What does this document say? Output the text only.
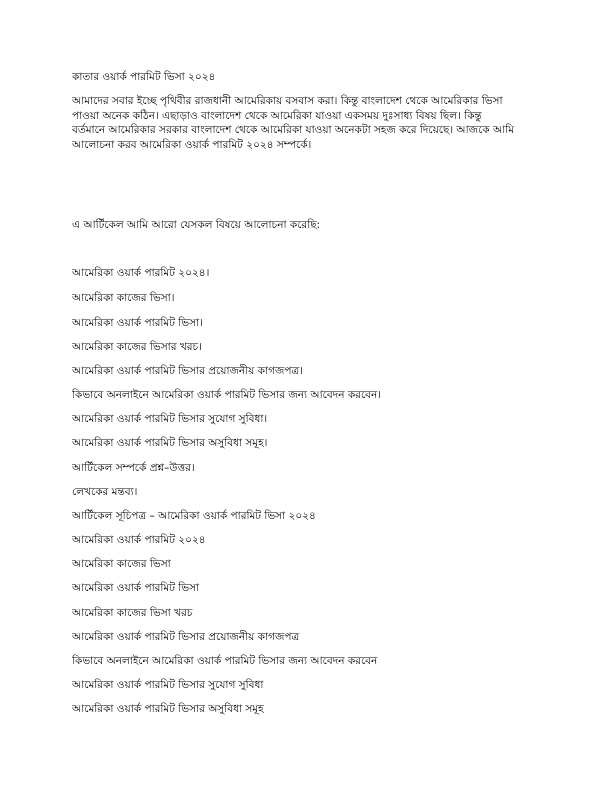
কাতার ওয়ার্ক পারমিট ভিসা ২০২৪
আমাদের সবার ইচ্ছে পৃথিবীর রাজধানী আমেরিকায় বসবাস করা। কিন্তু বাংলাদেশ থেকে আমেরিকার ভিসা
পাওয়া অনেক কঠিন। এছাড়াও বাংলাদেশ থেকে আমেরিকা যাওয়া একসময় দুঃসাধ্য বিষয় ছিল। কিন্তু
বর্তমানে আমেরিকার সরকার বাংলাদেশ থেকে আমেরিকা যাওয়া অনেকটা সহজ করে দিয়েছে। আজকে আমি
আলোচনা করব আমেরিকা ওয়ার্ক পারমিট ২০২৪ সম্পর্কে।
এ আর্টিকেল আমি আরো যেসকল বিষয়ে আলোচনা করেছি:
আমেরিকা ওয়ার্ক পারমিট ২০২৪।
আমেরিকা কাজের ভিসা।
আমেরিকা ওয়ার্ক পারমিট ভিসা।
আমেরিকা কাজের ভিসার খরচ।
আমেরিকা ওয়ার্ক পারমিট ভিসার প্রয়োজনীয় কাগজপত্র।
কিভাবে অনলাইনে আমেরিকা ওয়ার্ক পারমিট ভিসার জন্য আবেদন করবেন।
আমেরিকা ওয়ার্ক পারমিট ভিসার সুযোগ সুবিধা।
আমেরিকা ওয়ার্ক পারমিট ভিসার অসুবিধা সমূহ।
আর্টিকেল সম্পর্কে প্রশ্ন–উত্তর।
লেখকের মন্তব্য।
আর্টিকেল সূচিপত্র – আমেরিকা ওয়ার্ক পারমিট ভিসা ২০২৪
আমেরিকা ওয়ার্ক পারমিট ২০২৪
আমেরিকা কাজের ভিসা
আমেরিকা ওয়ার্ক পারমিট ভিসা
আমেরিকা কাজের ভিসা খরচ
আমেরিকা ওয়ার্ক পারমিট ভিসার প্রয়োজনীয় কাগজপত্র
কিভাবে অনলাইনে আমেরিকা ওয়ার্ক পারমিট ভিসার জন্য আবেদন করবেন
আমেরিকা ওয়ার্ক পারমিট ভিসার সুযোগ সুবিধা
আমেরিকা ওয়ার্ক পারমিট ভিসার অসুবিধা সমূহ
